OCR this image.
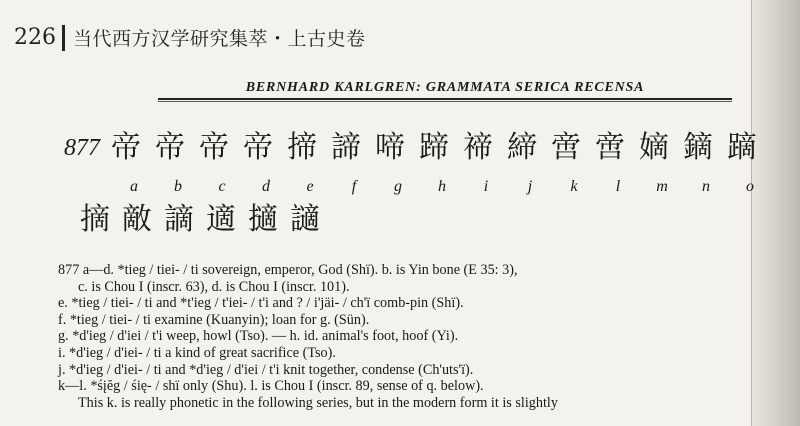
226 当代西方汉学研究集萃・上古史卷
BERNHARD KARLGREN: GRAMMATA SERICA RECENSA
877 帝 帝 帝 帝 揥 諦 啼 蹄 禘 締 啻 啻 嫡 鏑 蹢
a	b	c	d	e	f	g	h	i	j	k	l	m	n	o
摘 敵 謫 適 擿 讁
877 a—d. *tieg / tiei- / ti sovereign, emperor, God (Shï). b. is Yin bone (E 35: 3),
c. is Chou I (inscr. 63), d. is Chou I (inscr. 101).
e. *tieg / tiei- / ti and *t'ieg / t'iei- / t'i and ? / i'jäi- / ch'ï comb-pin (Shï).
f. *tieg / tiei- / ti examine (Kuanyin); loan for g. (Sün).
g. *d'ieg / d'iei / t'i weep, howl (Tso). — h. id. animal's foot, hoof (Yi).
i. *d'ieg / d'iei- / ti a kind of great sacrifice (Tso).
j. *d'ieg / d'iei- / ti and *d'ieg / d'iei / t'i knit together, condense (Ch'uts'ï).
k—l. *śįĕg / śię- / shï only (Shu). l. is Chou I (inscr. 89, sense of q. below).
This k. is really phonetic in the following series, but in the modern form it is slightly
